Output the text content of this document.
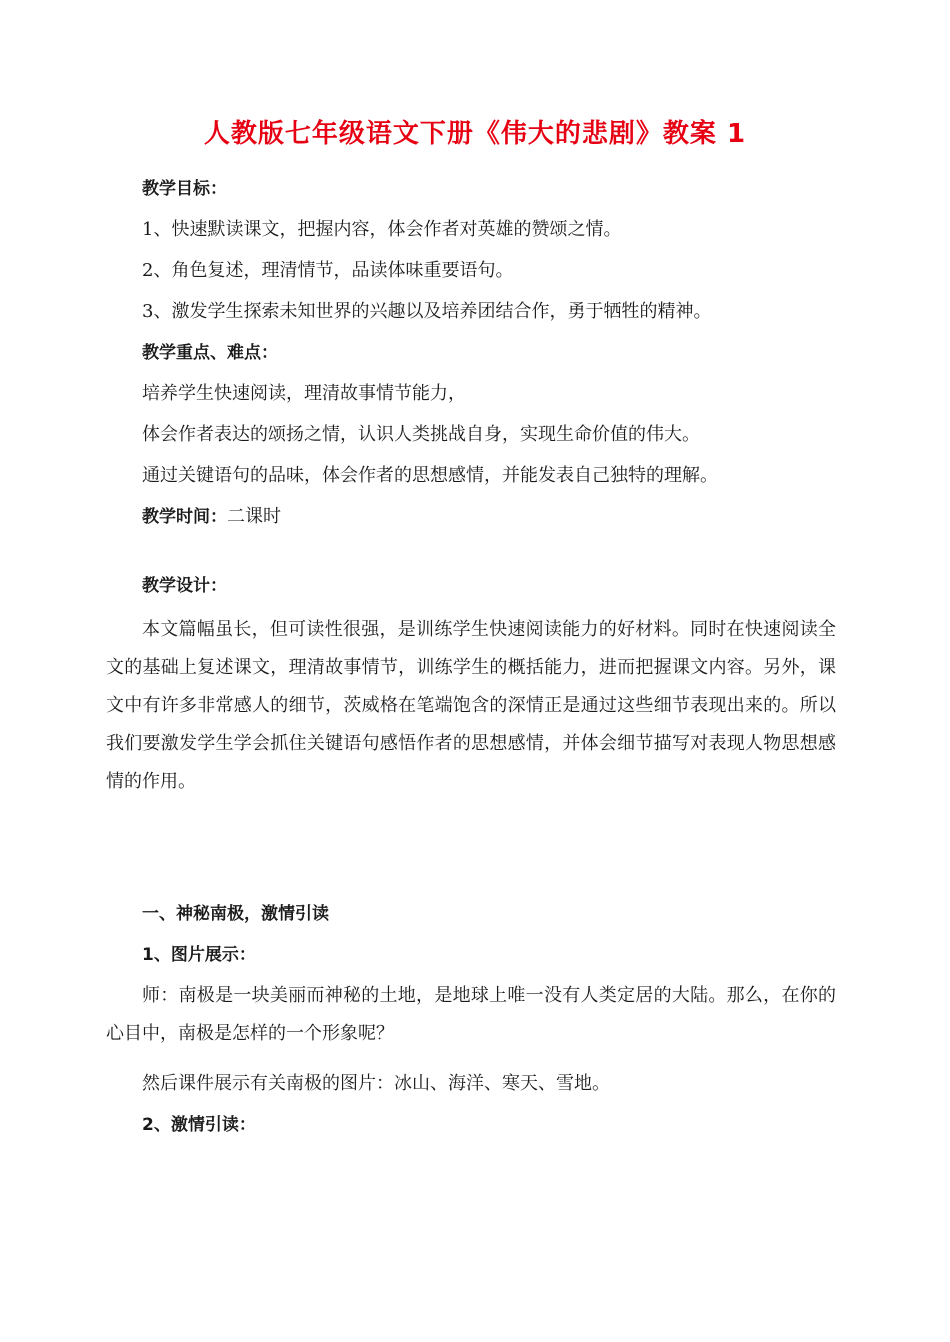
人教版七年级语文下册《伟大的悲剧》教案 1
教学目标：
1、快速默读课文，把握内容，体会作者对英雄的赞颂之情。
2、角色复述，理清情节，品读体味重要语句。
3、激发学生探索未知世界的兴趣以及培养团结合作，勇于牺牲的精神。
教学重点、难点：
培养学生快速阅读，理清故事情节能力，
体会作者表达的颂扬之情，认识人类挑战自身，实现生命价值的伟大。
通过关键语句的品味，体会作者的思想感情，并能发表自己独特的理解。
教学时间：二课时
教学设计：
本文篇幅虽长，但可读性很强，是训练学生快速阅读能力的好材料。同时在快速阅读全文的基础上复述课文，理清故事情节，训练学生的概括能力，进而把握课文内容。另外，课文中有许多非常感人的细节，茨威格在笔端饱含的深情正是通过这些细节表现出来的。所以我们要激发学生学会抓住关键语句感悟作者的思想感情，并体会细节描写对表现人物思想感情的作用。
一、神秘南极，激情引读
1、图片展示：
师：南极是一块美丽而神秘的土地，是地球上唯一没有人类定居的大陆。那么，在你的心目中，南极是怎样的一个形象呢？
然后课件展示有关南极的图片：冰山、海洋、寒天、雪地。
2、激情引读：
